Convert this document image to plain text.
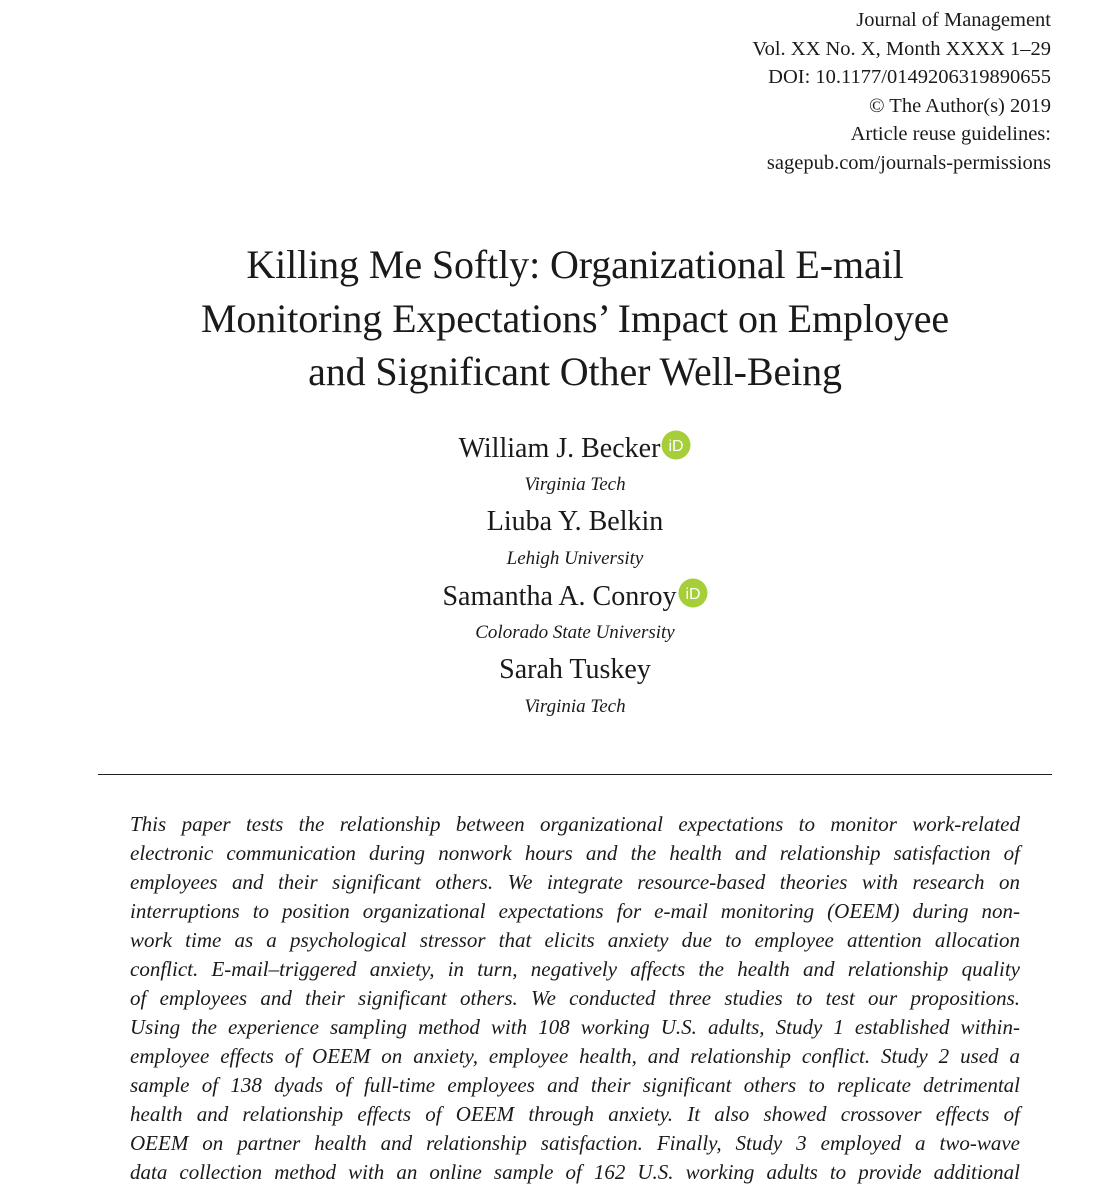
Journal of Management
Vol. XX No. X, Month XXXX 1–29
DOI: 10.1177/0149206319890655
© The Author(s) 2019
Article reuse guidelines:
sagepub.com/journals-permissions
Killing Me Softly: Organizational E-mail
Monitoring Expectations’ Impact on Employee
and Significant Other Well-Being
William J. Becker iD
Virginia Tech
Liuba Y. Belkin
Lehigh University
Samantha A. Conroy iD
Colorado State University
Sarah Tuskey
Virginia Tech
This paper tests the relationship between organizational expectations to monitor work-related
electronic communication during nonwork hours and the health and relationship satisfaction of
employees and their significant others. We integrate resource-based theories with research on
interruptions to position organizational expectations for e-mail monitoring (OEEM) during non-
work time as a psychological stressor that elicits anxiety due to employee attention allocation
conflict. E-mail–triggered anxiety, in turn, negatively affects the health and relationship quality
of employees and their significant others. We conducted three studies to test our propositions.
Using the experience sampling method with 108 working U.S. adults, Study 1 established within-
employee effects of OEEM on anxiety, employee health, and relationship conflict. Study 2 used a
sample of 138 dyads of full-time employees and their significant others to replicate detrimental
health and relationship effects of OEEM through anxiety. It also showed crossover effects of
OEEM on partner health and relationship satisfaction. Finally, Study 3 employed a two-wave
data collection method with an online sample of 162 U.S. working adults to provide additional
